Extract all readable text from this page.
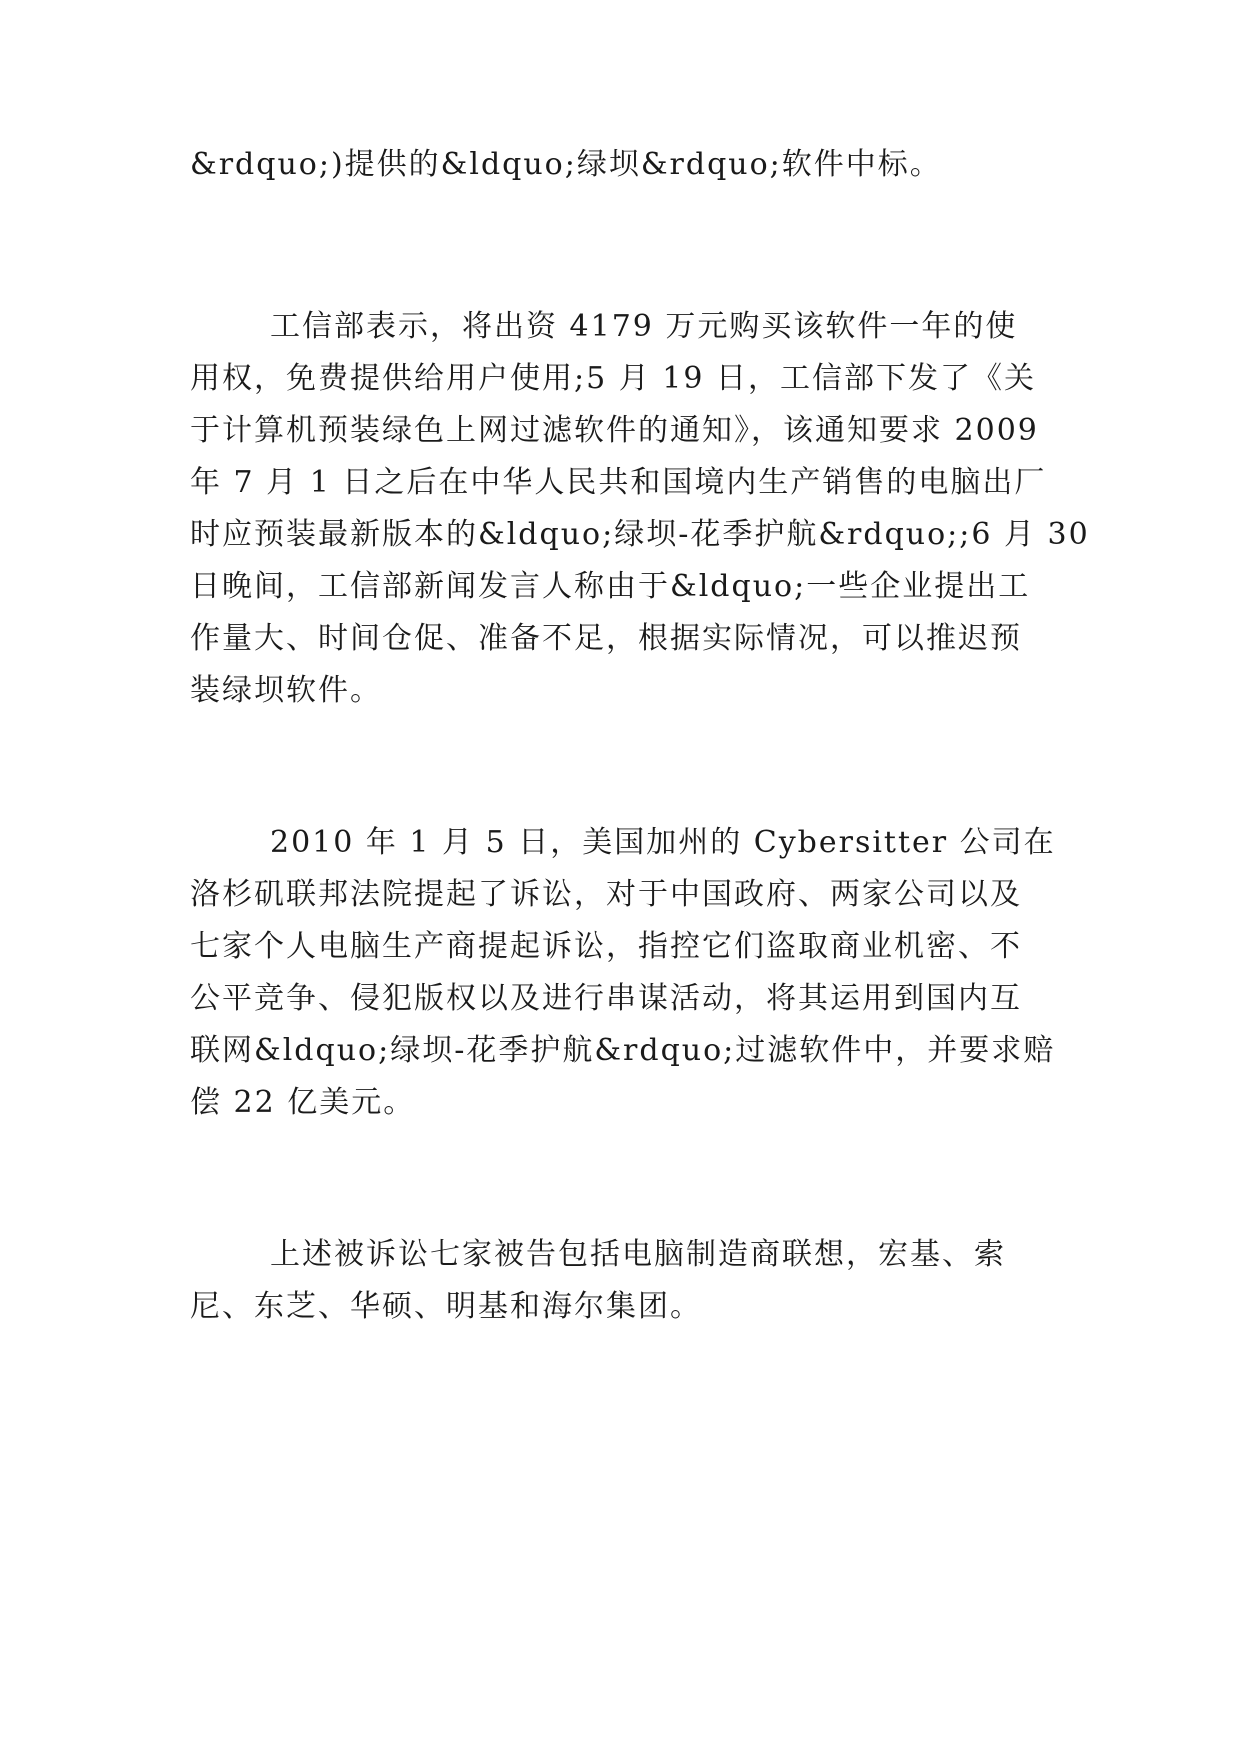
&rdquo;)提供的&ldquo;绿坝&rdquo;软件中标。
工信部表示，将出资 4179 万元购买该软件一年的使
用权，免费提供给用户使用;5 月 19 日，工信部下发了《关
于计算机预装绿色上网过滤软件的通知》，该通知要求 2009
年 7 月 1 日之后在中华人民共和国境内生产销售的电脑出厂
时应预装最新版本的&ldquo;绿坝-花季护航&rdquo;;6 月 30
日晚间，工信部新闻发言人称由于&ldquo;一些企业提出工
作量大、时间仓促、准备不足，根据实际情况，可以推迟预
装绿坝软件。
2010 年 1 月 5 日，美国加州的 Cybersitter 公司在
洛杉矶联邦法院提起了诉讼，对于中国政府、两家公司以及
七家个人电脑生产商提起诉讼，指控它们盗取商业机密、不
公平竞争、侵犯版权以及进行串谋活动，将其运用到国内互
联网&ldquo;绿坝-花季护航&rdquo;过滤软件中，并要求赔
偿 22 亿美元。
上述被诉讼七家被告包括电脑制造商联想，宏基、索
尼、东芝、华硕、明基和海尔集团。
